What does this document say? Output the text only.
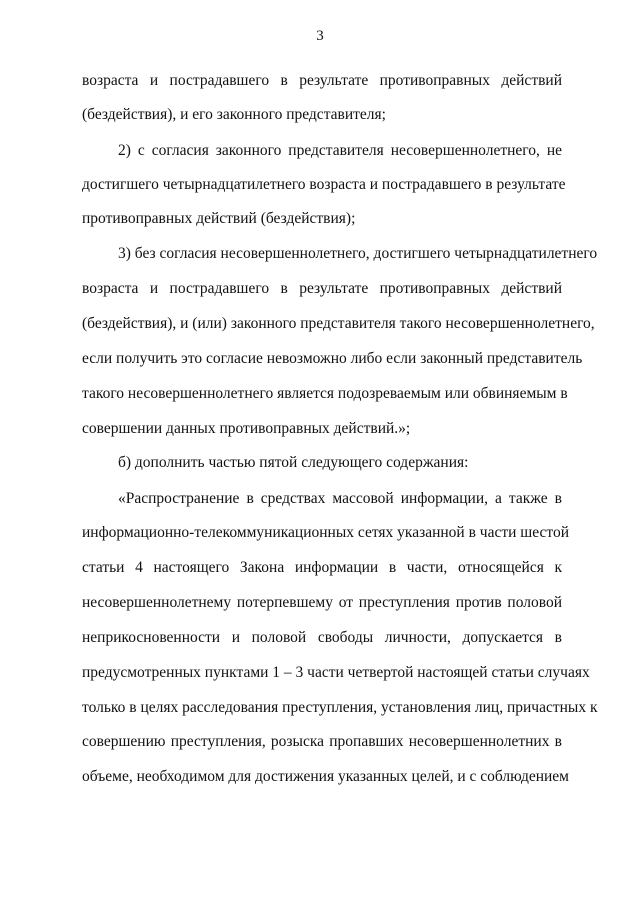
3
возраста и пострадавшего в результате противоправных действий
(бездействия), и его законного представителя;
2) с согласия законного представителя несовершеннолетнего, не
достигшего четырнадцатилетнего возраста и пострадавшего в результате
противоправных действий (бездействия);
3) без согласия несовершеннолетнего, достигшего четырнадцатилетнего
возраста и пострадавшего в результате противоправных действий
(бездействия), и (или) законного представителя такого несовершеннолетнего,
если получить это согласие невозможно либо если законный представитель
такого несовершеннолетнего является подозреваемым или обвиняемым в
совершении данных противоправных действий.»;
б) дополнить частью пятой следующего содержания:
«Распространение в средствах массовой информации, а также в
информационно-телекоммуникационных сетях указанной в части шестой
статьи 4 настоящего Закона информации в части, относящейся к
несовершеннолетнему потерпевшему от преступления против половой
неприкосновенности и половой свободы личности, допускается в
предусмотренных пунктами 1 – 3 части четвертой настоящей статьи случаях
только в целях расследования преступления, установления лиц, причастных к
совершению преступления, розыска пропавших несовершеннолетних в
объеме, необходимом для достижения указанных целей, и с соблюдением
